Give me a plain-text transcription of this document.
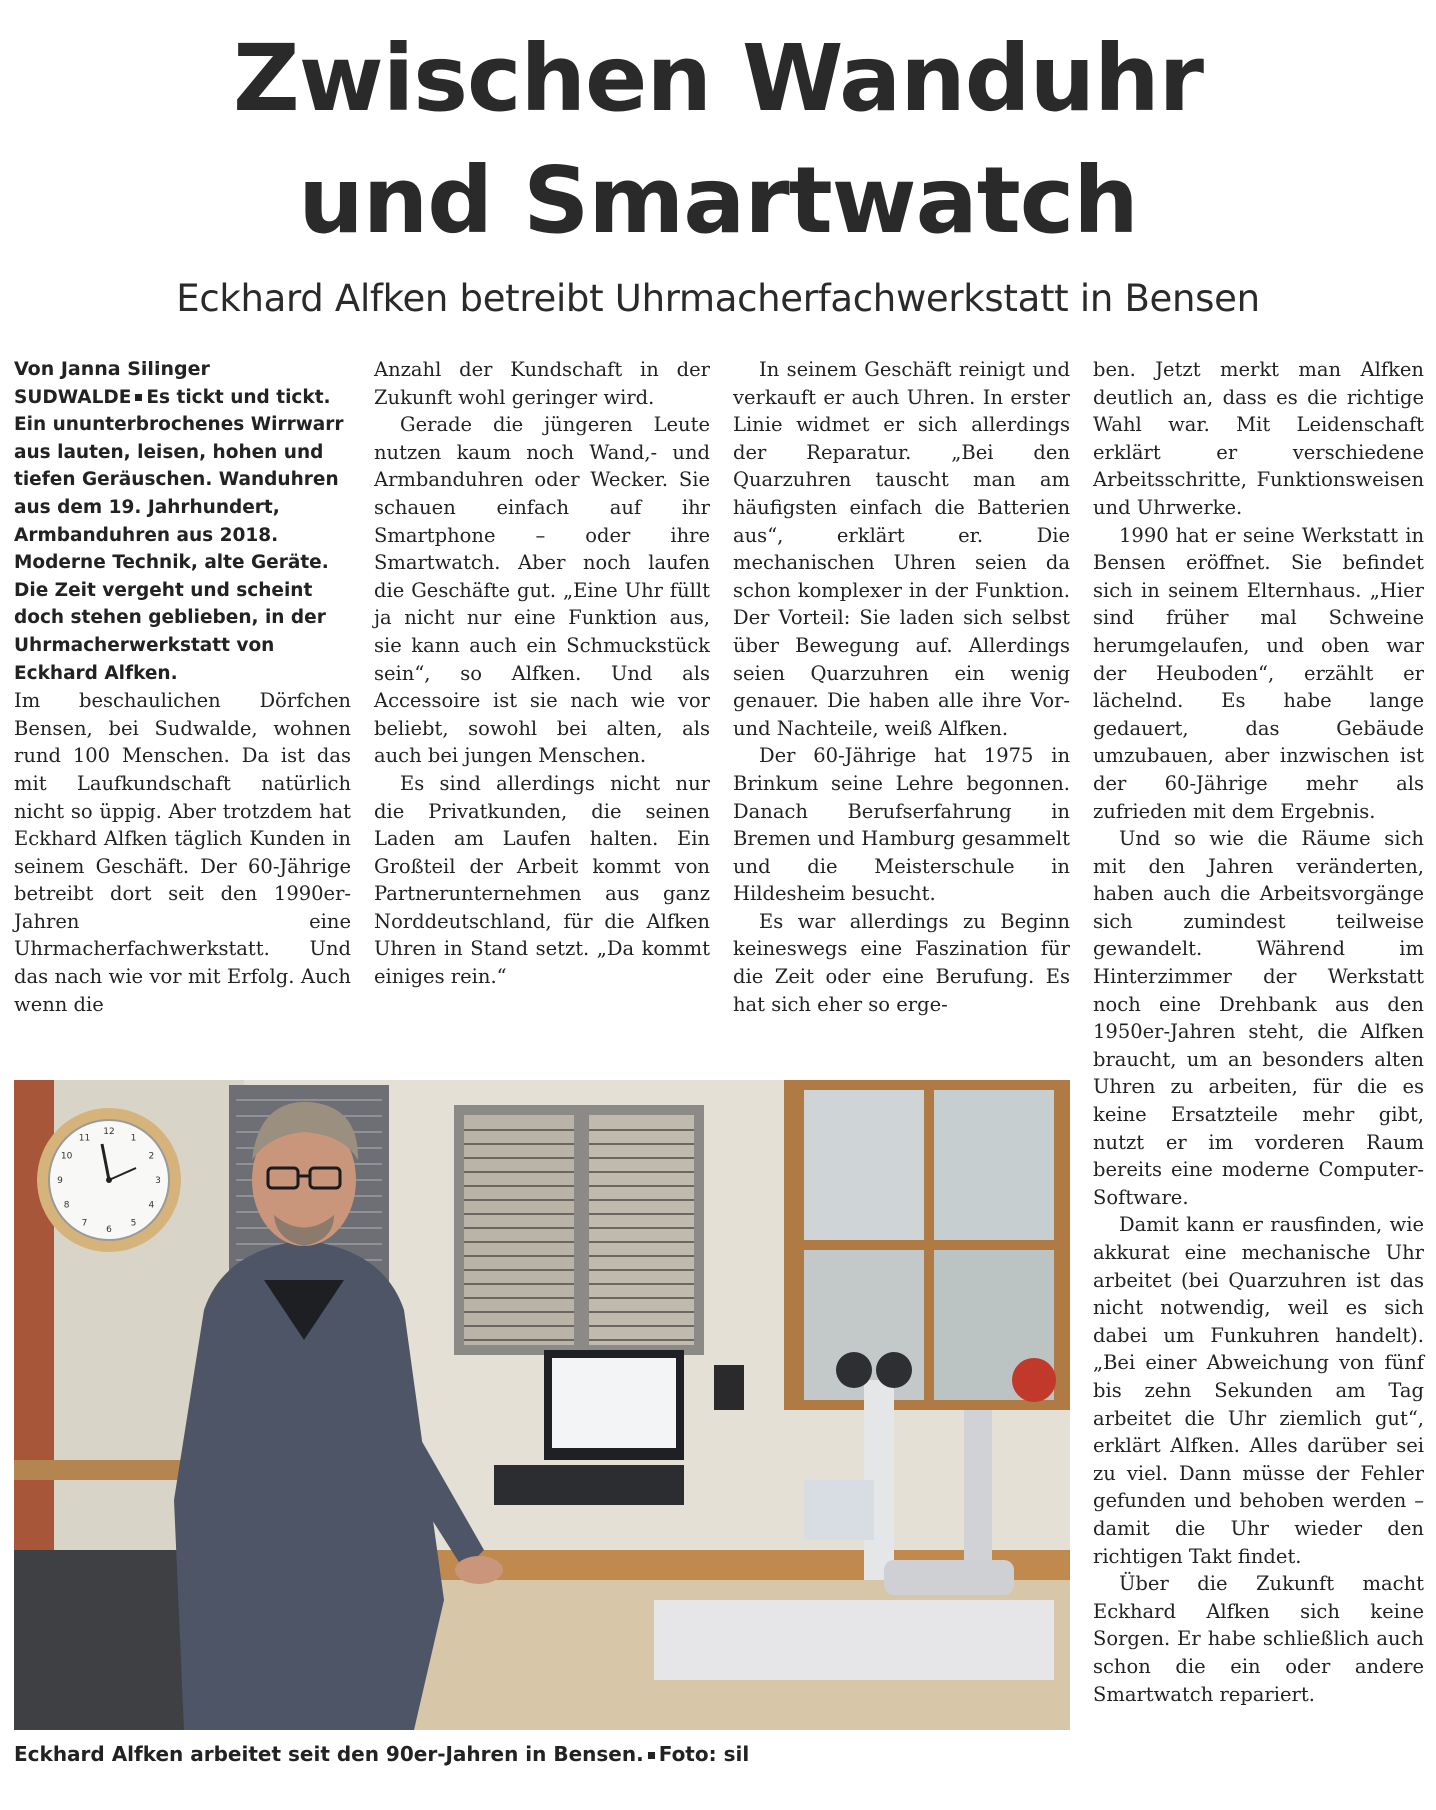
Zwischen Wanduhr
und Smartwatch
Eckhard Alfken betreibt Uhrmacherfachwerkstatt in Bensen

Von Janna Silinger

SUDWALDE Es tickt und tickt. Ein ununterbrochenes Wirrwarr aus lauten, leisen, hohen und tiefen Geräuschen. Wanduhren aus dem 19. Jahrhundert, Armbanduhren aus 2018. Moderne Technik, alte Geräte. Die Zeit vergeht und scheint doch stehen geblieben, in der Uhrmacherwerkstatt von Eckhard Alfken.

Im beschaulichen Dörfchen Bensen, bei Sudwalde, wohnen rund 100 Menschen. Da ist das mit Laufkundschaft natürlich nicht so üppig. Aber trotzdem hat Eckhard Alfken täglich Kunden in seinem Geschäft. Der 60-Jährige betreibt dort seit den 1990er-Jahren eine Uhrmacherfachwerkstatt. Und das nach wie vor mit Erfolg. Auch wenn die

Anzahl der Kundschaft in der Zukunft wohl geringer wird.

Gerade die jüngeren Leute nutzen kaum noch Wand,- und Armbanduhren oder Wecker. Sie schauen einfach auf ihr Smartphone – oder ihre Smartwatch. Aber noch laufen die Geschäfte gut. „Eine Uhr füllt ja nicht nur eine Funktion aus, sie kann auch ein Schmuckstück sein“, so Alfken. Und als Accessoire ist sie nach wie vor beliebt, sowohl bei alten, als auch bei jungen Menschen.

Es sind allerdings nicht nur die Privatkunden, die seinen Laden am Laufen halten. Ein Großteil der Arbeit kommt von Partnerunternehmen aus ganz Norddeutschland, für die Alfken Uhren in Stand setzt. „Da kommt einiges rein.“

In seinem Geschäft reinigt und verkauft er auch Uhren. In erster Linie widmet er sich allerdings der Reparatur. „Bei den Quarzuhren tauscht man am häufigsten einfach die Batterien aus“, erklärt er. Die mechanischen Uhren seien da schon komplexer in der Funktion. Der Vorteil: Sie laden sich selbst über Bewegung auf. Allerdings seien Quarzuhren ein wenig genauer. Die haben alle ihre Vor- und Nachteile, weiß Alfken.

Der 60-Jährige hat 1975 in Brinkum seine Lehre begonnen. Danach Berufserfahrung in Bremen und Hamburg gesammelt und die Meisterschule in Hildesheim besucht.

Es war allerdings zu Beginn keineswegs eine Faszination für die Zeit oder eine Berufung. Es hat sich eher so erge-

ben. Jetzt merkt man Alfken deutlich an, dass es die richtige Wahl war. Mit Leidenschaft erklärt er verschiedene Arbeitsschritte, Funktionsweisen und Uhrwerke.

1990 hat er seine Werkstatt in Bensen eröffnet. Sie befindet sich in seinem Elternhaus. „Hier sind früher mal Schweine herumgelaufen, und oben war der Heuboden“, erzählt er lächelnd. Es habe lange gedauert, das Gebäude umzubauen, aber inzwischen ist der 60-Jährige mehr als zufrieden mit dem Ergebnis.

Und so wie die Räume sich mit den Jahren veränderten, haben auch die Arbeitsvorgänge sich zumindest teilweise gewandelt. Während im Hinterzimmer der Werkstatt noch eine Drehbank aus den 1950er-Jahren steht, die Alfken braucht, um an besonders alten Uhren zu arbeiten, für die es keine Ersatzteile mehr gibt, nutzt er im vorderen Raum bereits eine moderne Computer-Software.

Damit kann er rausfinden, wie akkurat eine mechanische Uhr arbeitet (bei Quarzuhren ist das nicht notwendig, weil es sich dabei um Funkuhren handelt). „Bei einer Abweichung von fünf bis zehn Sekunden am Tag arbeitet die Uhr ziemlich gut“, erklärt Alfken. Alles darüber sei zu viel. Dann müsse der Fehler gefunden und behoben werden – damit die Uhr wieder den richtigen Takt findet.

Über die Zukunft macht Eckhard Alfken sich keine Sorgen. Er habe schließlich auch schon die ein oder andere Smartwatch repariert.

12
1
2
3
4
5
6
7
8
9
10
11
Eckhard Alfken arbeitet seit den 90er-Jahren in Bensen. Foto: sil
